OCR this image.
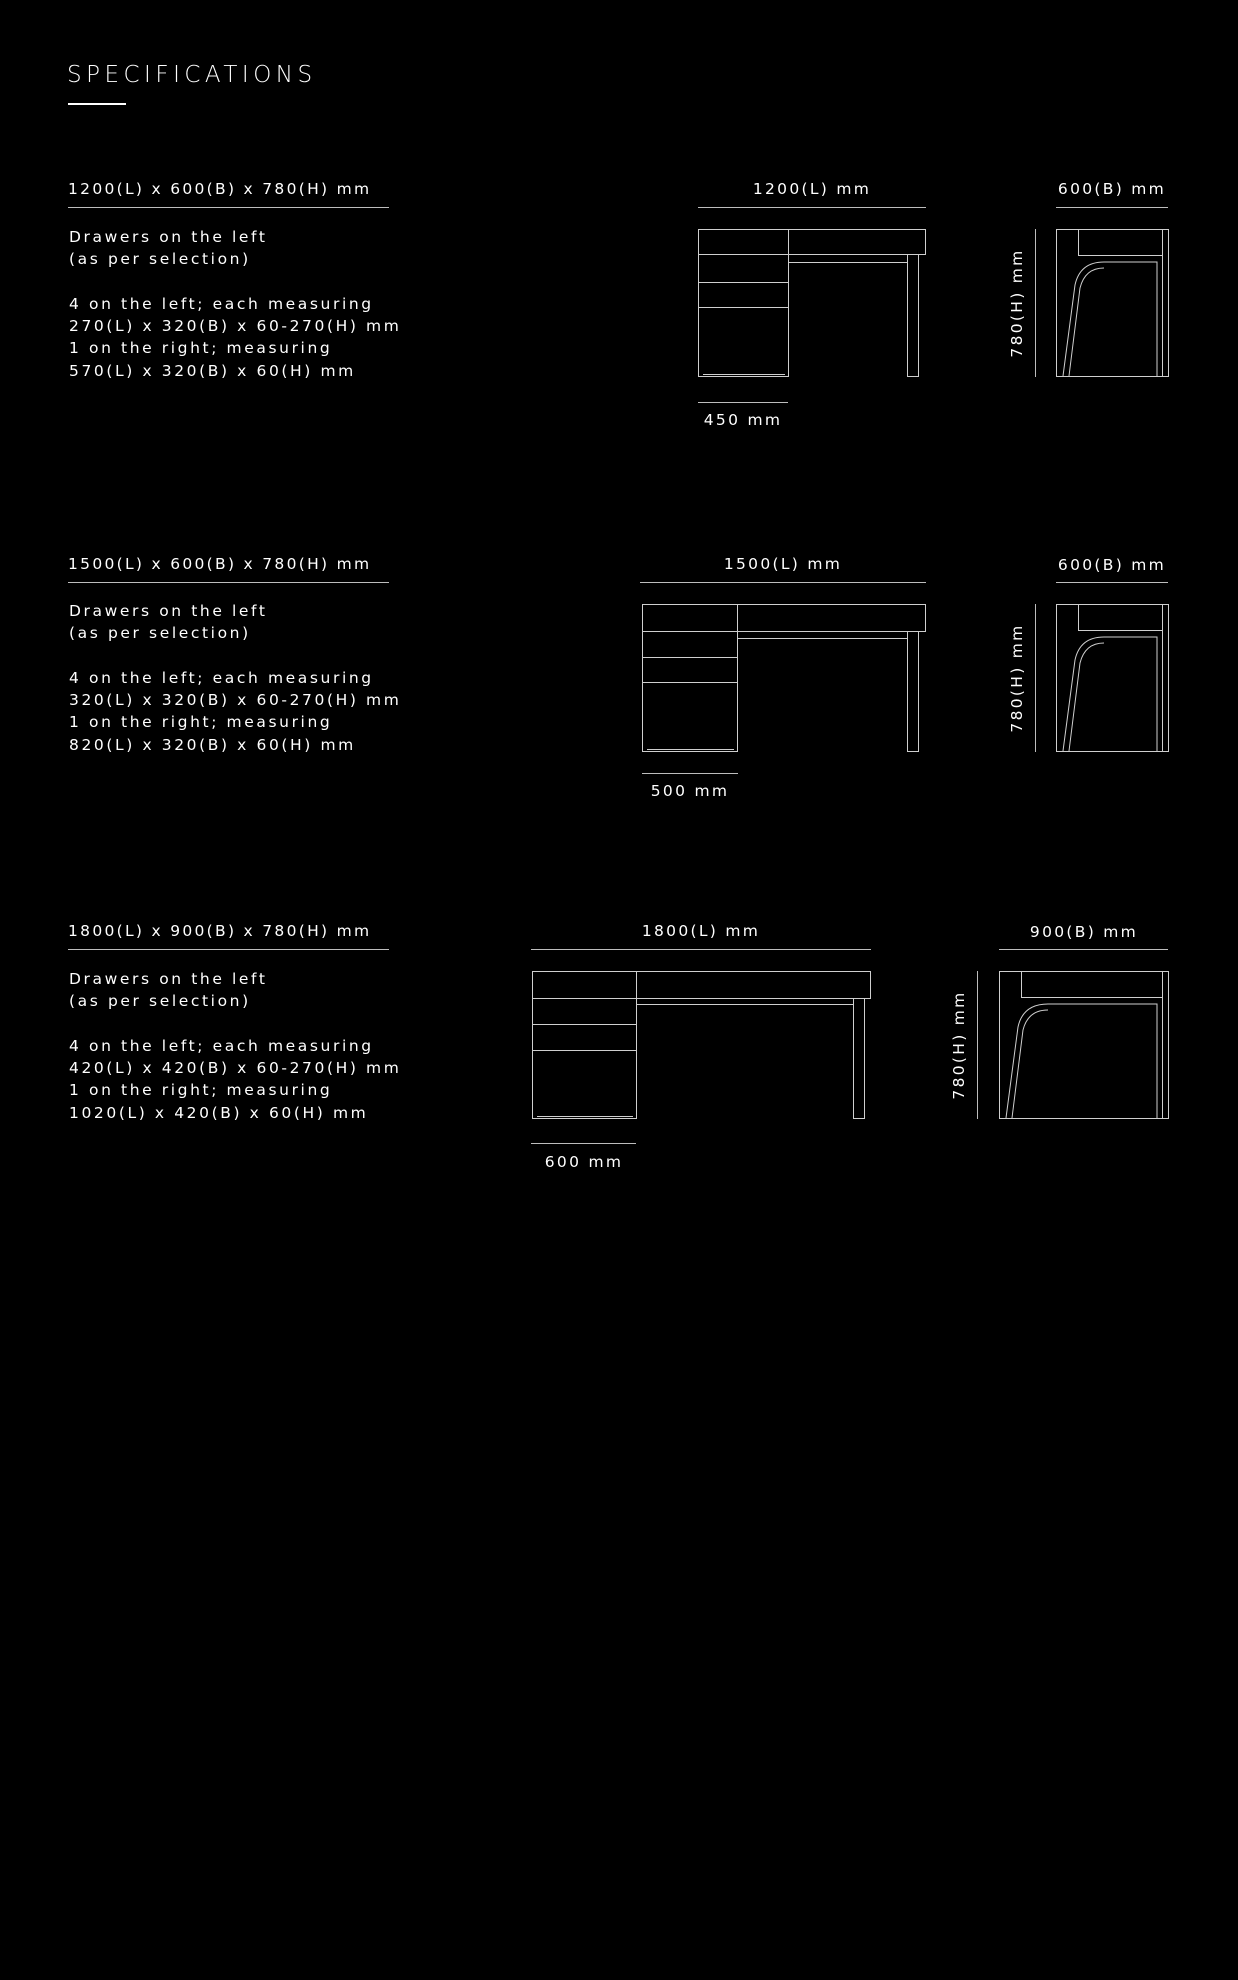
SPECIFICATIONS
1200(L) x 600(B) x 780(H) mm
Drawers on the left
(as per selection)
4 on the left; each measuring
270(L) x 320(B) x 60-270(H) mm
1 on the right; measuring
570(L) x 320(B) x 60(H) mm
1200(L) mm
450 mm
600(B) mm
780(H) mm
1500(L) x 600(B) x 780(H) mm
Drawers on the left
(as per selection)
4 on the left; each measuring
320(L) x 320(B) x 60-270(H) mm
1 on the right; measuring
820(L) x 320(B) x 60(H) mm
1500(L) mm
500 mm
600(B) mm
780(H) mm
1800(L) x 900(B) x 780(H) mm
Drawers on the left
(as per selection)
4 on the left; each measuring
420(L) x 420(B) x 60-270(H) mm
1 on the right; measuring
1020(L) x 420(B) x 60(H) mm
1800(L) mm
600 mm
900(B) mm
780(H) mm
